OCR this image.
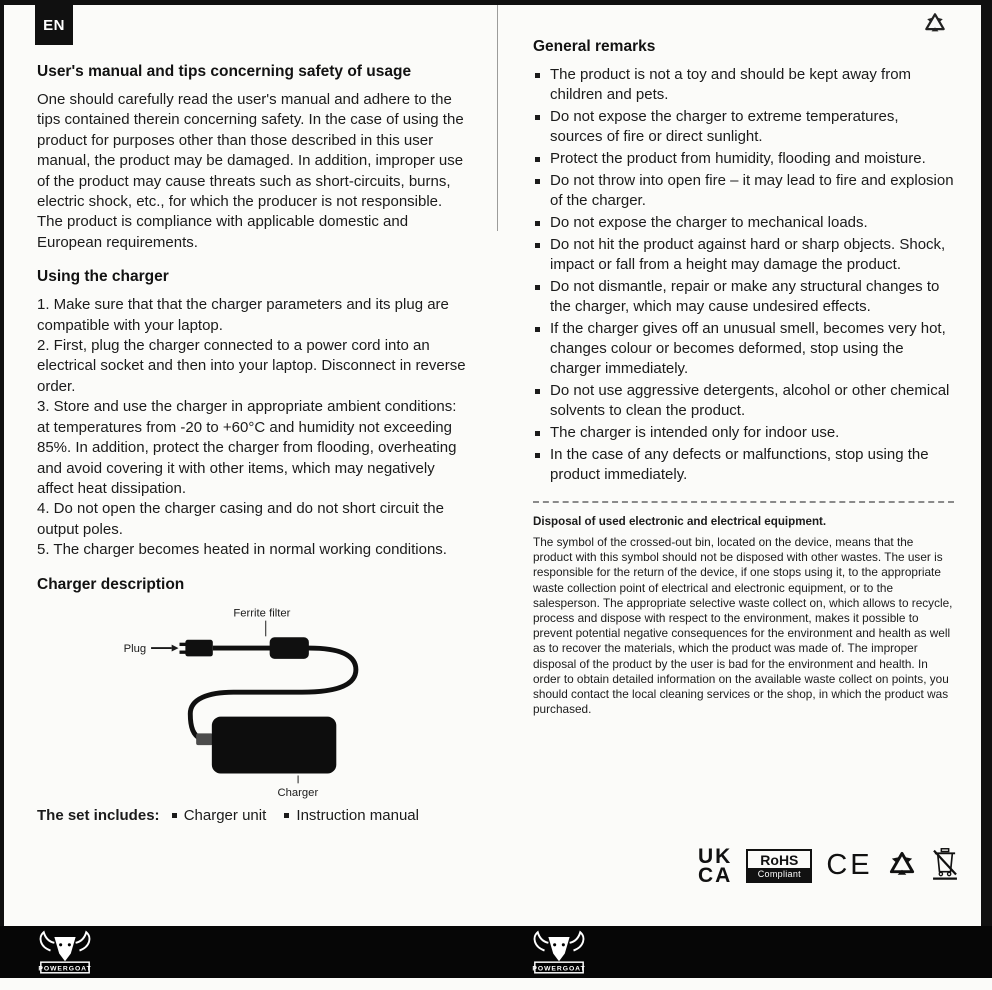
EN
User's manual and tips concerning safety of usage

One should carefully read the user's manual and adhere to the tips contained therein concerning safety. In the case of using the product for purposes other than those described in this user manual, the product may be damaged. In addition, improper use of the product may cause threats such as short-circuits, burns, electric shock, etc., for which the producer is not responsible. The product is compliance with applicable domestic and European requirements.

Using the charger

1. Make sure that that the charger parameters and its plug are compatible with your laptop.

2. First, plug the charger connected to a power cord into an electrical socket and then into your laptop. Disconnect in reverse order.

3. Store and use the charger in appropriate ambient conditions: at temperatures from -20 to +60°C and humidity not exceeding 85%. In addition, protect the charger from flooding, overheating and avoid covering it with other items, which may negatively affect heat dissipation.

4. Do not open the charger casing and do not short circuit the output poles.

5. The charger becomes heated in normal working conditions.

Charger description
Ferrite filter
Plug
Charger
The set includes: Charger unit Instruction manual
General remarks
The product is not a toy and should be kept away from children and pets.
Do not expose the charger to extreme temperatures, sources of fire or direct sunlight.
Protect the product from humidity, flooding and moisture.
Do not throw into open fire – it may lead to fire and explosion of the charger.
Do not expose the charger to mechanical loads.
Do not hit the product against hard or sharp objects. Shock, impact or fall from a height may damage the product.
Do not dismantle, repair or make any structural changes to the charger, which may cause undesired effects.
If the charger gives off an unusual smell, becomes very hot, changes colour or becomes deformed, stop using the charger immediately.
Do not use aggressive detergents, alcohol or other chemical solvents to clean the product.
The charger is intended only for indoor use.
In the case of any defects or malfunctions, stop using the product immediately.
Disposal of used electronic and electrical equipment.

The symbol of the crossed-out bin, located on the device, means that the product with this symbol should not be disposed with other wastes. The user is responsible for the return of the device, if one stops using it, to the appropriate waste collection point of electrical and electronic equipment, or to the salesperson. The appropriate selective waste collect on, which allows to recycle, process and dispose with respect to the environment, makes it possible to prevent potential negative consequences for the environment and health as well as to recover the materials, which the product was made of. The improper disposal of the product by the user is bad for the environment and health. In order to obtain detailed information on the available waste collect on points, you should contact the local cleaning services or the shop, in which the product was purchased.

UK
CA
RoHS
Compliant CE
POWERGOAT	POWERGOAT
